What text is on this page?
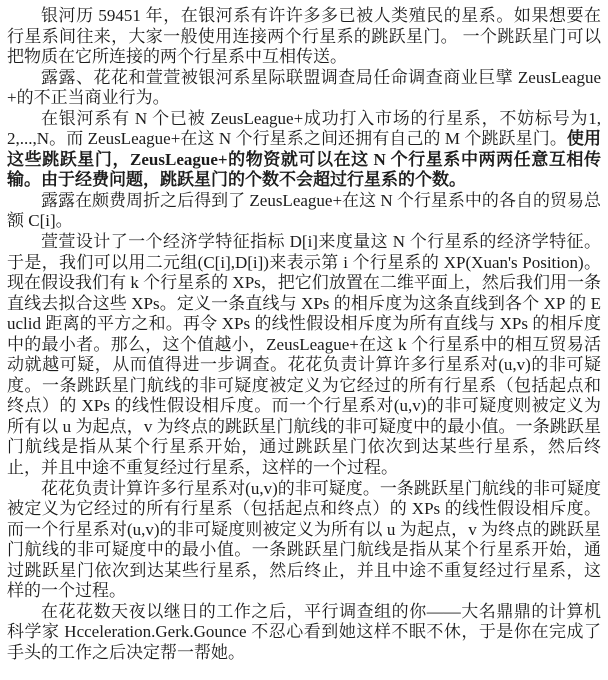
银河历 59451 年，在银河系有许许多多已被人类殖民的星系。如果想要在行星系间往来，大家一般使用连接两个行星系的跳跃星门。 一个跳跃星门可以把物质在它所连接的两个行星系中互相传送。

露露、花花和萱萱被银河系星际联盟调查局任命调查商业巨擘 ZeusLeague+的不正当商业行为。

在银河系有 N 个已被 ZeusLeague+成功打入市场的行星系，不妨标号为1,2,...,N。而 ZeusLeague+在这 N 个行星系之间还拥有自己的 M 个跳跃星门。使用这些跳跃星门，ZeusLeague+的物资就可以在这 N 个行星系中两两任意互相传输。由于经费问题，跳跃星门的个数不会超过行星系的个数。

露露在颇费周折之后得到了 ZeusLeague+在这 N 个行星系中的各自的贸易总额 C[i]。

萱萱设计了一个经济学特征指标 D[i]来度量这 N 个行星系的经济学特征。于是，我们可以用二元组(C[i],D[i])来表示第 i 个行星系的 XP(Xuan's Position)。现在假设我们有 k 个行星系的 XPs，把它们放置在二维平面上，然后我们用一条直线去拟合这些 XPs。定义一条直线与 XPs 的相斥度为这条直线到各个 XP 的 Euclid 距离的平方之和。再令 XPs 的线性假设相斥度为所有直线与 XPs 的相斥度中的最小者。那么，这个值越小，ZeusLeague+在这 k 个行星系中的相互贸易活动就越可疑，从而值得进一步调查。花花负责计算许多行星系对(u,v)的非可疑度。一条跳跃星门航线的非可疑度被定义为它经过的所有行星系（包括起点和终点）的 XPs 的线性假设相斥度。而一个行星系对(u,v)的非可疑度则被定义为所有以 u 为起点，v 为终点的跳跃星门航线的非可疑度中的最小值。一条跳跃星门航线是指从某个行星系开始，通过跳跃星门依次到达某些行星系，然后终止，并且中途不重复经过行星系，这样的一个过程。

花花负责计算许多行星系对(u,v)的非可疑度。一条跳跃星门航线的非可疑度被定义为它经过的所有行星系（包括起点和终点）的 XPs 的线性假设相斥度。而一个行星系对(u,v)的非可疑度则被定义为所有以 u 为起点，v 为终点的跳跃星门航线的非可疑度中的最小值。一条跳跃星门航线是指从某个行星系开始，通过跳跃星门依次到达某些行星系，然后终止，并且中途不重复经过行星系，这样的一个过程。

在花花数天夜以继日的工作之后，平行调查组的你——大名鼎鼎的计算机科学家 Hcceleration.Gerk.Gounce 不忍心看到她这样不眠不休，于是你在完成了手头的工作之后决定帮一帮她。
